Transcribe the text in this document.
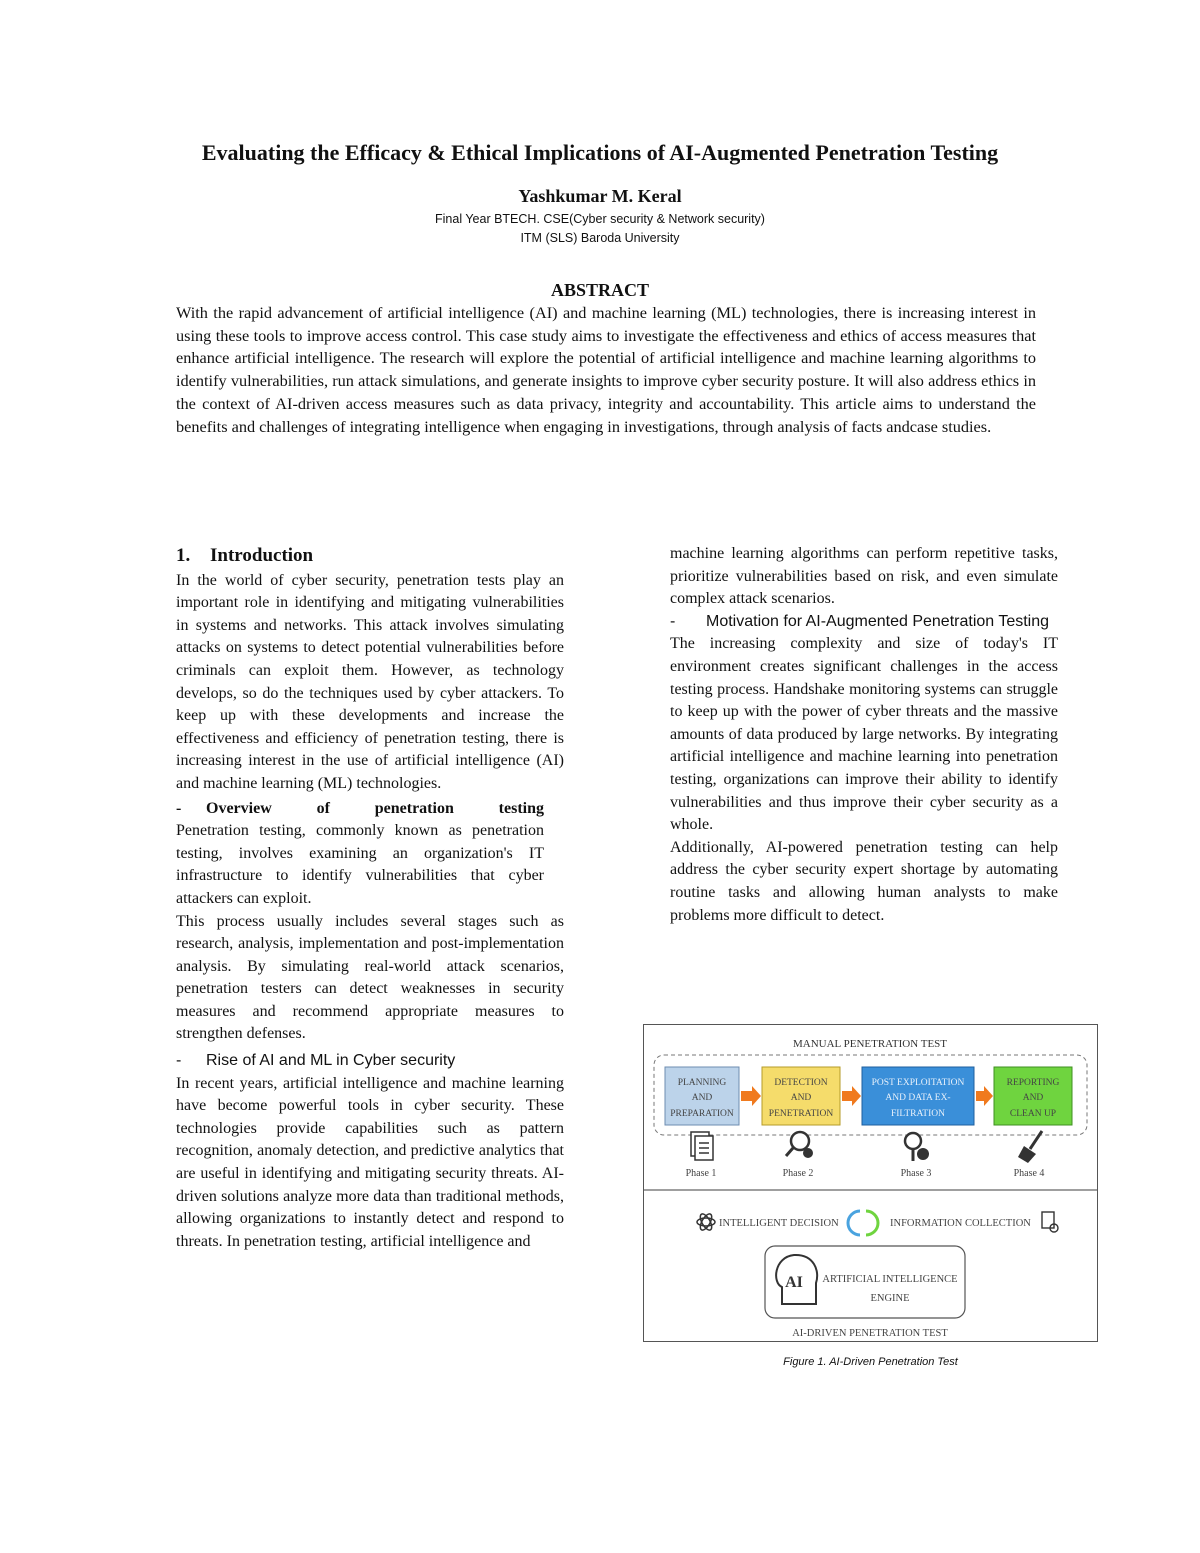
Evaluating the Efficacy & Ethical Implications of AI-Augmented Penetration Testing
Yashkumar M. Keral
Final Year BTECH. CSE(Cyber security & Network security)
ITM (SLS) Baroda University
ABSTRACT
With the rapid advancement of artificial intelligence (AI) and machine learning (ML) technologies, there is increasing interest in using these tools to improve access control. This case study aims to investigate the effectiveness and ethics of access measures that enhance artificial intelligence. The research will explore the potential of artificial intelligence and machine learning algorithms to identify vulnerabilities, run attack simulations, and generate insights to improve cyber security posture. It will also address ethics in the context of AI-driven access measures such as data privacy, integrity and accountability. This article aims to understand the benefits and challenges of integrating intelligence when engaging in investigations, through analysis of facts andcase studies.
1. Introduction

In the world of cyber security, penetration tests play an important role in identifying and mitigating vulnerabilities in systems and networks. This attack involves simulating attacks on systems to detect potential vulnerabilities before criminals can exploit them. However, as technology develops, so do the techniques used by cyber attackers. To keep up with these developments and increase the effectiveness and efficiency of penetration testing, there is increasing interest in the use of artificial intelligence (AI) and machine learning (ML) technologies.

-	Overview of penetration testing

Penetration testing, commonly known as penetration testing, involves examining an organization's IT infrastructure to identify vulnerabilities that cyber attackers can exploit.

This process usually includes several stages such as research, analysis, implementation and post-implementation analysis. By simulating real-world attack scenarios, penetration testers can detect weaknesses in security measures and recommend appropriate measures to strengthen defenses.

-	Rise of AI and ML in Cyber security

In recent years, artificial intelligence and machine learning have become powerful tools in cyber security. These technologies provide capabilities such as pattern recognition, anomaly detection, and predictive analytics that are useful in identifying and mitigating security threats. AI-driven solutions analyze more data than traditional methods, allowing organizations to instantly detect and respond to threats. In penetration testing, artificial intelligence and

machine learning algorithms can perform repetitive tasks, prioritize vulnerabilities based on risk, and even simulate complex attack scenarios.

-	Motivation for AI-Augmented Penetration Testing

The increasing complexity and size of today's IT environment creates significant challenges in the access testing process. Handshake monitoring systems can struggle to keep up with the power of cyber threats and the massive amounts of data produced by large networks. By integrating artificial intelligence and machine learning into penetration testing, organizations can improve their ability to identify vulnerabilities and thus improve their cyber security as a whole.

Additionally, AI-powered penetration testing can help address the cyber security expert shortage by automating routine tasks and allowing human analysts to make problems more difficult to detect.

MANUAL PENETRATION TEST
PLANNING
AND
PREPARATION
DETECTION
AND
PENETRATION
POST EXPLOITATION
AND DATA EX-
FILTRATION
REPORTING
AND
CLEAN UP
Phase 1	Phase 2	Phase 3	Phase 4
INTELLIGENT DECISION	INFORMATION COLLECTION
AI ARTIFICIAL INTELLIGENCE
ENGINE
AI-DRIVEN PENETRATION TEST
Figure 1. AI-Driven Penetration Test
